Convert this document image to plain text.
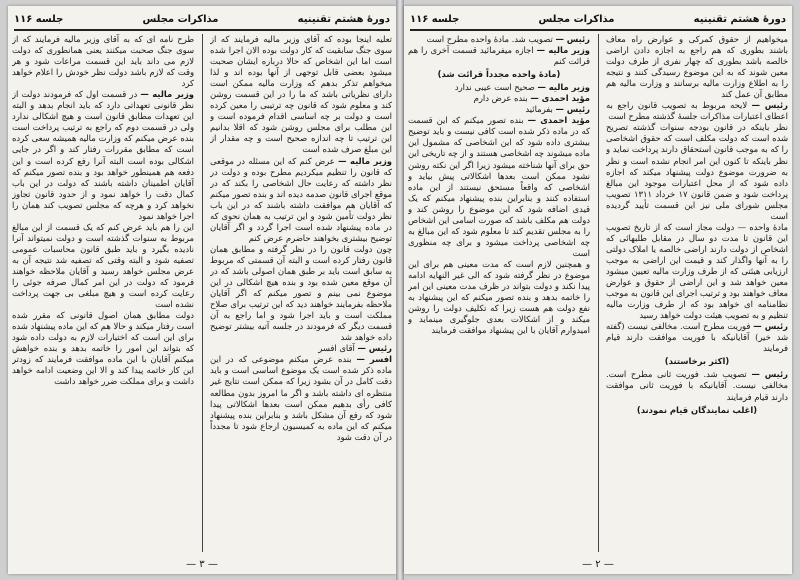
دورهٔ هشتم تقنینیه
مذاکرات مجلس
جلسه ۱۱۶

تعلیه اینجا بوده که آقای وزیر مالیه فرمایند که از سوی جنگ سابقیت که کار دولت بوده الان اجرا شده است اما این اشخاص که حالا درباره ایشان صحبت میشود بعضی قابل توجهی از آنها بوده اند و لذا میخواهم تذکر بدهم که وزارت مالیه ممکن است دارای نظریاتی باشد که ما را در این قسمت روشن کند و معلوم شود که قانون چه ترتیبی را معین کرده است و دولت بر چه اساسی اقدام فرموده است و این مطلب برای مجلس روشن شود که اقلا بدانیم این ترتیب تا چه اندازه صحیح است و چه مقدار از این مبلغ صرف شده است

وزیر مالیه — عرض کنم که این مسئله در موقعی که قانون را تنظیم میکردیم مطرح بوده و دولت در نظر داشته که رعایت حال اشخاصی را بکند که در موقع اجرای قانون صدمه دیده اند و بنده تصور میکنم که آقایان هم موافقت داشته باشند که در این باب نظر دولت تأمین شود و این ترتیب به همان نحوی که در ماده پیشنهاد شده است اجرا گردد و اگر آقایان توضیح بیشتری بخواهند حاضرم عرض کنم

چون دولت قانون را در نظر گرفته و مطابق همان قانون رفتار کرده است و البته آن قسمتی که مربوط به سابق است باید بر طبق همان اصولی باشد که در آن موقع معین شده بود و بنده هیچ اشکالی در این موضوع نمی بینم و تصور میکنم که اگر آقایان ملاحظه بفرمایند خواهند دید که این ترتیب برای صلاح مملکت است و باید اجرا شود و اما راجع به آن قسمت دیگر که فرمودند در جلسه آتیه بیشتر توضیح داده خواهد شد

رئیس — آقای افسر

افسر — بنده عرض میکنم موضوعی که در این ماده ذکر شده است یک موضوع اساسی است و باید دقت کامل در آن بشود زیرا که ممکن است نتایج غیر منتظره ای داشته باشد و اگر ما امروز بدون مطالعه کافی رأی بدهیم ممکن است بعدها اشکالاتی پیدا شود که رفع آن مشکل باشد و بنابراین بنده پیشنهاد میکنم که این ماده به کمیسیون ارجاع شود تا مجدداً در آن دقت شود

طرح نامه ای که به آقای وزیر مالیه فرمایند که از سوی جنگ صحبت میکنند یعنی همانطوری که دولت لازم می داند باید این قسمت مراعات شود و هر وقت که لازم باشد دولت نظر خودش را اعلام خواهد کرد

وزیر مالیه — در قسمت اول که فرمودند دولت از نظر قانونی تعهداتی دارد که باید انجام بدهد و البته این تعهدات مطابق قانون است و هیچ اشکالی ندارد ولی در قسمت دوم که راجع به ترتیب پرداخت است بنده عرض میکنم که وزارت مالیه همیشه سعی کرده است که مطابق مقررات رفتار کند و اگر در جایی اشکالی بوده است البته آنرا رفع کرده است و این دفعه هم همینطور خواهد بود و بنده تصور میکنم که آقایان اطمینان داشته باشند که دولت در این باب کمال دقت را خواهد نمود و از حدود قانون تجاوز نخواهد کرد و هرچه که مجلس تصویب کند همان را اجرا خواهد نمود

این را هم باید عرض کنم که یک قسمت از این مبالغ مربوط به سنوات گذشته است و دولت نمیتواند آنرا نادیده بگیرد و باید طبق قانون محاسبات عمومی تصفیه شود و البته وقتی که تصفیه شد نتیجه آن به عرض مجلس خواهد رسید و آقایان ملاحظه خواهند فرمود که دولت در این امر کمال صرفه جوئی را رعایت کرده است و هیچ مبلغی بی جهت پرداخت نشده است

دولت مطابق همان اصول قانونی که مقرر شده است رفتار میکند و حالا هم که این ماده پیشنهاد شده برای این است که اختیارات لازم به دولت داده شود که بتواند این امور را خاتمه بدهد و بنده خواهش میکنم آقایان با این ماده موافقت فرمایند که زودتر این کار خاتمه پیدا کند و الا این وضعیت ادامه خواهد داشت و برای مملکت ضرر خواهد داشت

— ۳ —
دورهٔ هشتم تقنینیه
مذاکرات مجلس
جلسه ۱۱۶

میخواهیم از حقوق کمرکی و عوارض راه معاف باشند بطوری که هم راجع به اجازه دادن اراضی خالصه باشد بطوری که چهار نفری از طرف دولت معین شوند که به این موضوع رسیدگی کنند و نتیجه را به اطلاع وزارت مالیه برسانند و وزارت مالیه هم مطابق آن عمل کند

رئیس — لایحه مربوط به تصویب قانون راجع به اعطای اعتبارات مذاکرات جلسهٔ گذشته مطرح است

نظر باینکه در قانون بودجه سنوات گذشته تصریح شده است که دولت مکلف است که حقوق اشخاصی را که به موجب قانون استحقاق دارند پرداخت نماید و نظر باینکه تا کنون این امر انجام نشده است و نظر به ضرورت موضوع دولت پیشنهاد میکند که اجازه داده شود که از محل اعتبارات موجود این مبالغ پرداخت شود و ضمن قانون ۱۷ خرداد ۱۳۱۱ تصویب مجلس شورای ملی نیز این قسمت تأیید گردیده است

مادهٔ واحده — دولت مجاز است که از تاریخ تصویب این قانون تا مدت دو سال در مقابل طلبهائی که اشخاص از دولت دارند اراضی خالصه یا املاک دولتی را به آنها واگذار کند و قیمت این اراضی به موجب ارزیابی هیئتی که از طرف وزارت مالیه تعیین میشود معین خواهد شد و این اراضی از حقوق و عوارض معاف خواهند بود و ترتیب اجرای این قانون به موجب نظامنامه ای خواهد بود که از طرف وزارت مالیه تنظیم و به تصویب هیئت دولت خواهد رسید

رئیس — فوریت مطرح است. مخالفی نیست (گفته شد خیر) آقایانیکه با فوریت موافقت دارند قیام فرمایند

(اکثر برخاستند)

رئیس — تصویب شد. فوریت ثانی مطرح است. مخالفی نیست. آقایانیکه با فوریت ثانی موافقت دارند قیام فرمایند

(اغلب نمایندگان قیام نمودند)

رئیس — تصویب شد. مادهٔ واحده مطرح است

وزیر مالیه — اجازه میفرمائید قسمت آخری را هم قرائت کنم

(مادهٔ واحده مجدداً قرائت شد)

وزیر مالیه — صحیح است عیبی ندارد

مؤید احمدی — بنده عرض دارم

رئیس — بفرمائید

مؤید احمدی — بنده تصور میکنم که این قسمت که در ماده ذکر شده است کافی نیست و باید توضیح بیشتری داده شود که این اشخاصی که مشمول این ماده میشوند چه اشخاصی هستند و از چه تاریخی این حق برای آنها شناخته میشود زیرا اگر این نکته روشن نشود ممکن است بعدها اشکالاتی پیش بیاید و اشخاصی که واقعاً مستحق نیستند از این ماده استفاده کنند و بنابراین بنده پیشنهاد میکنم که یک قیدی اضافه شود که این موضوع را روشن کند و دولت هم مکلف باشد که صورت اسامی این اشخاص را به مجلس تقدیم کند تا معلوم شود که این مبالغ به چه اشخاصی پرداخت میشود و برای چه منظوری است

و همچنین لازم است که مدت معینی هم برای این موضوع در نظر گرفته شود که الی غیر النهایه ادامه پیدا نکند و دولت بتواند در ظرف مدت معینی این امر را خاتمه بدهد و بنده تصور میکنم که این پیشنهاد به نفع دولت هم هست زیرا که تکلیف دولت را روشن میکند و از اشکالات بعدی جلوگیری مینماید و امیدوارم آقایان با این پیشنهاد موافقت فرمایند

— ۲ —
